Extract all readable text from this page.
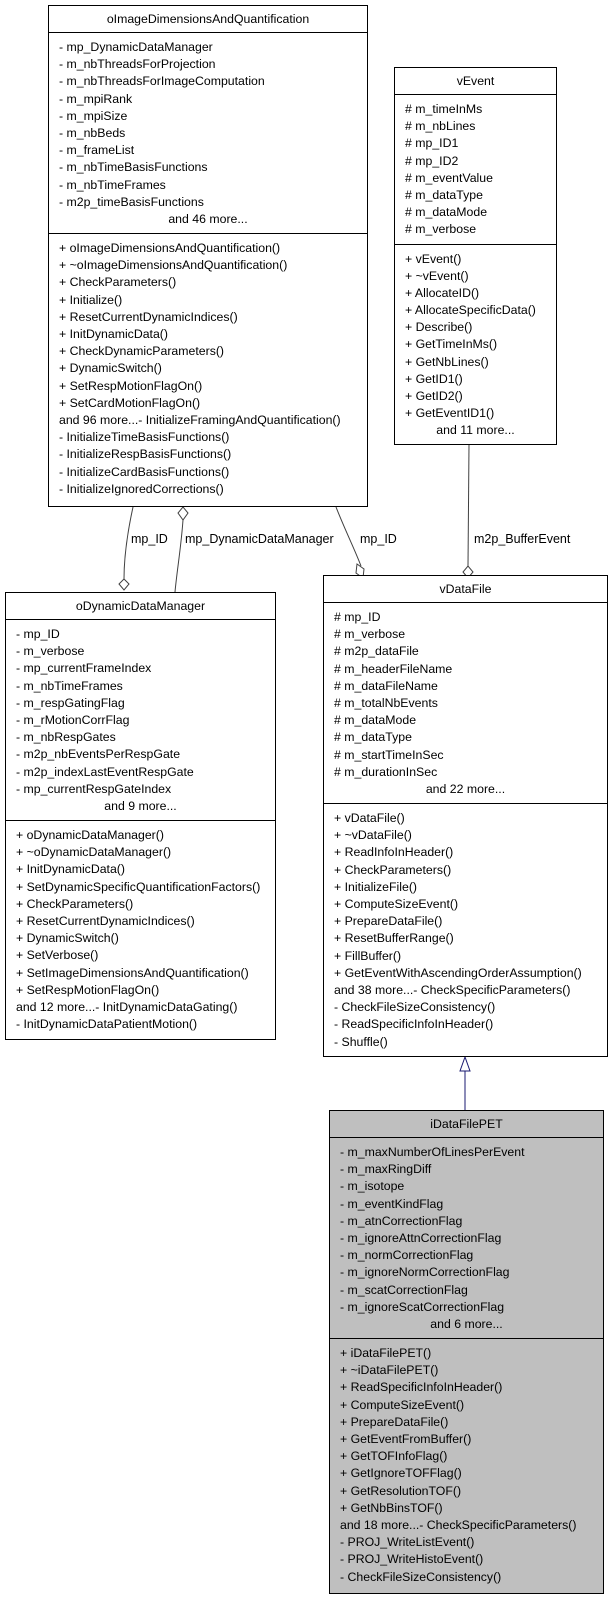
mp_ID mp_DynamicDataManager mp_ID	m2p_BufferEvent
oImageDimensionsAndQuantification
- mp_DynamicDataManager
- m_nbThreadsForProjection
- m_nbThreadsForImageComputation
- m_mpiRank
- m_mpiSize
- m_nbBeds
- m_frameList
- m_nbTimeBasisFunctions
- m_nbTimeFrames
- m2p_timeBasisFunctions
and 46 more...
+ oImageDimensionsAndQuantification()
+ ~oImageDimensionsAndQuantification()
+ CheckParameters()
+ Initialize()
+ ResetCurrentDynamicIndices()
+ InitDynamicData()
+ CheckDynamicParameters()
+ DynamicSwitch()
+ SetRespMotionFlagOn()
+ SetCardMotionFlagOn()
and 96 more...- InitializeFramingAndQuantification()
- InitializeTimeBasisFunctions()
- InitializeRespBasisFunctions()
- InitializeCardBasisFunctions()
- InitializeIgnoredCorrections()
vEvent
# m_timeInMs
# m_nbLines
# mp_ID1
# mp_ID2
# m_eventValue
# m_dataType
# m_dataMode
# m_verbose
+ vEvent()
+ ~vEvent()
+ AllocateID()
+ AllocateSpecificData()
+ Describe()
+ GetTimeInMs()
+ GetNbLines()
+ GetID1()
+ GetID2()
+ GetEventID1()
and 11 more...
oDynamicDataManager
- mp_ID
- m_verbose
- mp_currentFrameIndex
- m_nbTimeFrames
- m_respGatingFlag
- m_rMotionCorrFlag
- m_nbRespGates
- m2p_nbEventsPerRespGate
- m2p_indexLastEventRespGate
- mp_currentRespGateIndex
and 9 more...
+ oDynamicDataManager()
+ ~oDynamicDataManager()
+ InitDynamicData()
+ SetDynamicSpecificQuantificationFactors()
+ CheckParameters()
+ ResetCurrentDynamicIndices()
+ DynamicSwitch()
+ SetVerbose()
+ SetImageDimensionsAndQuantification()
+ SetRespMotionFlagOn()
and 12 more...- InitDynamicDataGating()
- InitDynamicDataPatientMotion()
vDataFile
# mp_ID
# m_verbose
# m2p_dataFile
# m_headerFileName
# m_dataFileName
# m_totalNbEvents
# m_dataMode
# m_dataType
# m_startTimeInSec
# m_durationInSec
and 22 more...
+ vDataFile()
+ ~vDataFile()
+ ReadInfoInHeader()
+ CheckParameters()
+ InitializeFile()
+ ComputeSizeEvent()
+ PrepareDataFile()
+ ResetBufferRange()
+ FillBuffer()
+ GetEventWithAscendingOrderAssumption()
and 38 more...- CheckSpecificParameters()
- CheckFileSizeConsistency()
- ReadSpecificInfoInHeader()
- Shuffle()
iDataFilePET
- m_maxNumberOfLinesPerEvent
- m_maxRingDiff
- m_isotope
- m_eventKindFlag
- m_atnCorrectionFlag
- m_ignoreAttnCorrectionFlag
- m_normCorrectionFlag
- m_ignoreNormCorrectionFlag
- m_scatCorrectionFlag
- m_ignoreScatCorrectionFlag
and 6 more...
+ iDataFilePET()
+ ~iDataFilePET()
+ ReadSpecificInfoInHeader()
+ ComputeSizeEvent()
+ PrepareDataFile()
+ GetEventFromBuffer()
+ GetTOFInfoFlag()
+ GetIgnoreTOFFlag()
+ GetResolutionTOF()
+ GetNbBinsTOF()
and 18 more...- CheckSpecificParameters()
- PROJ_WriteListEvent()
- PROJ_WriteHistoEvent()
- CheckFileSizeConsistency()
